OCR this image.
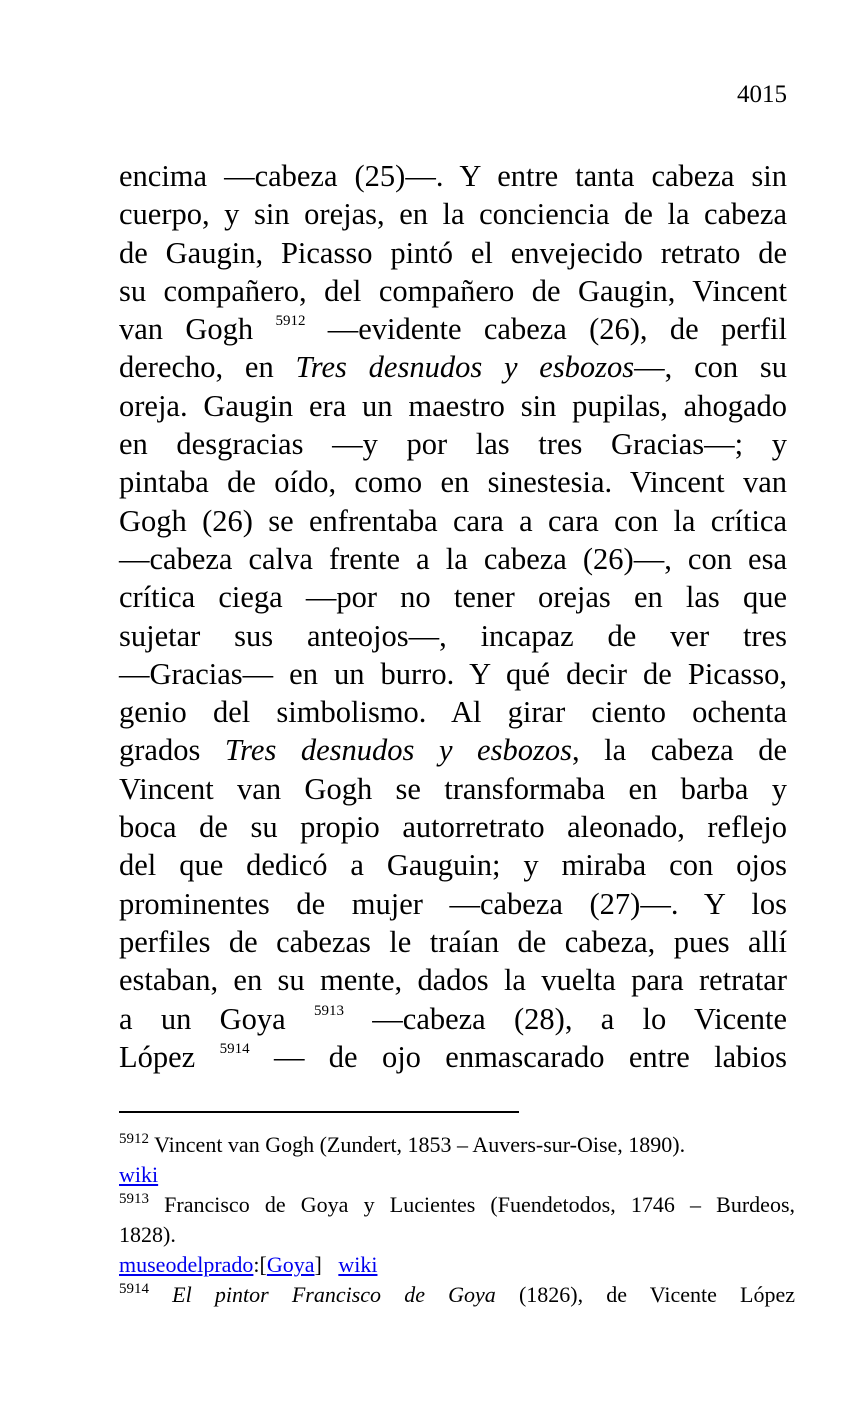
4015
encima —cabeza (25)—. Y entre tanta cabeza sin
cuerpo, y sin orejas, en la conciencia de la cabeza
de Gaugin, Picasso pintó el envejecido retrato de
su compañero, del compañero de Gaugin, Vincent
van Gogh $^{5912}$ —evidente cabeza (26), de perfil
derecho, en Tres desnudos y esbozos—, con su
oreja. Gaugin era un maestro sin pupilas, ahogado
en desgracias —y por las tres Gracias—; y
pintaba de oído, como en sinestesia. Vincent van
Gogh (26) se enfrentaba cara a cara con la crítica
—cabeza calva frente a la cabeza (26)—, con esa
crítica ciega —por no tener orejas en las que
sujetar sus anteojos—, incapaz de ver tres
—Gracias— en un burro. Y qué decir de Picasso,
genio del simbolismo. Al girar ciento ochenta
grados Tres desnudos y esbozos, la cabeza de
Vincent van Gogh se transformaba en barba y
boca de su propio autorretrato aleonado, reflejo
del que dedicó a Gauguin; y miraba con ojos
prominentes de mujer —cabeza (27)—. Y los
perfiles de cabezas le traían de cabeza, pues allí
estaban, en su mente, dados la vuelta para retratar
a un Goya $^{5913}$ —cabeza (28), a lo Vicente
López $^{5914}$ — de ojo enmascarado entre labios
$^{5912}$ Vincent van Gogh (Zundert, 1853 – Auvers-sur-Oise, 1890).
wiki
$^{5913}$ Francisco de Goya y Lucientes (Fuendetodos, 1746 – Burdeos,
1828).
museodelprado:[Goya] wiki
$^{5914}$ El pintor Francisco de Goya (1826), de Vicente López
